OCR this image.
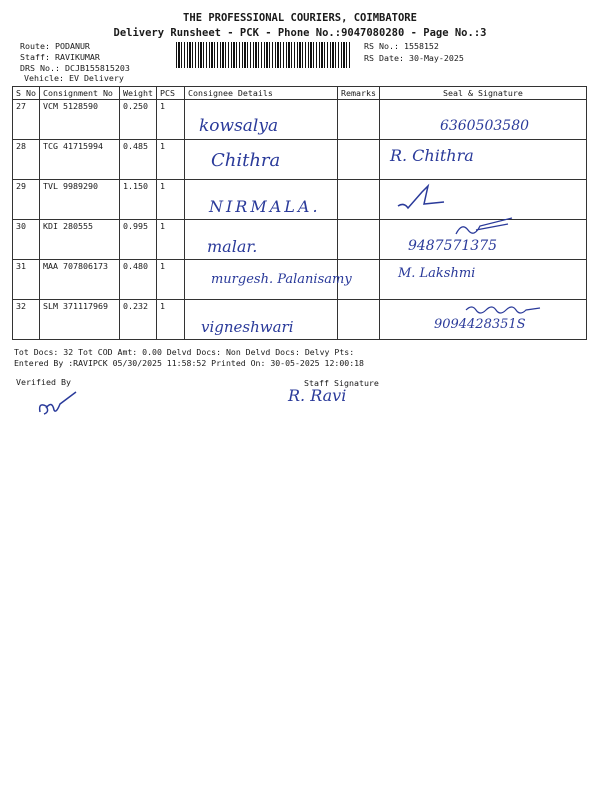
THE PROFESSIONAL COURIERS, COIMBATORE
Delivery Runsheet - PCK - Phone No.:9047080280 - Page No.:3
Route: PODANUR
Staff: RAVIKUMAR
DRS No.: DCJB155815203
Vehicle: EV Delivery
RS No.: 1558152
RS Date: 30-May-2025
S No	Consignment No	Weight	PCS	Consignee Details	Remarks	Seal & Signature
27	VCM 5128590	0.250	1	kowsalya		6360503580

28	TCG 41715994	0.485	1	Chithra		R. Chithra

29	TVL 9989290	1.150	1	NIRMALA.

30	KDI 280555	0.995	1	malar.		9487571375

31	MAA 707806173	0.480	1	murgesh. Palanisamy		M. Lakshmi

32	SLM 371117969	0.232	1	vigneshwari		9094428351S
Tot Docs: 32 Tot COD Amt: 0.00 Delvd Docs: Non Delvd Docs: Delvy Pts:
Entered By :RAVIPCK 05/30/2025 11:58:52 Printed On: 30-05-2025 12:00:18
Verified By	Staff Signature
R. Ravi
